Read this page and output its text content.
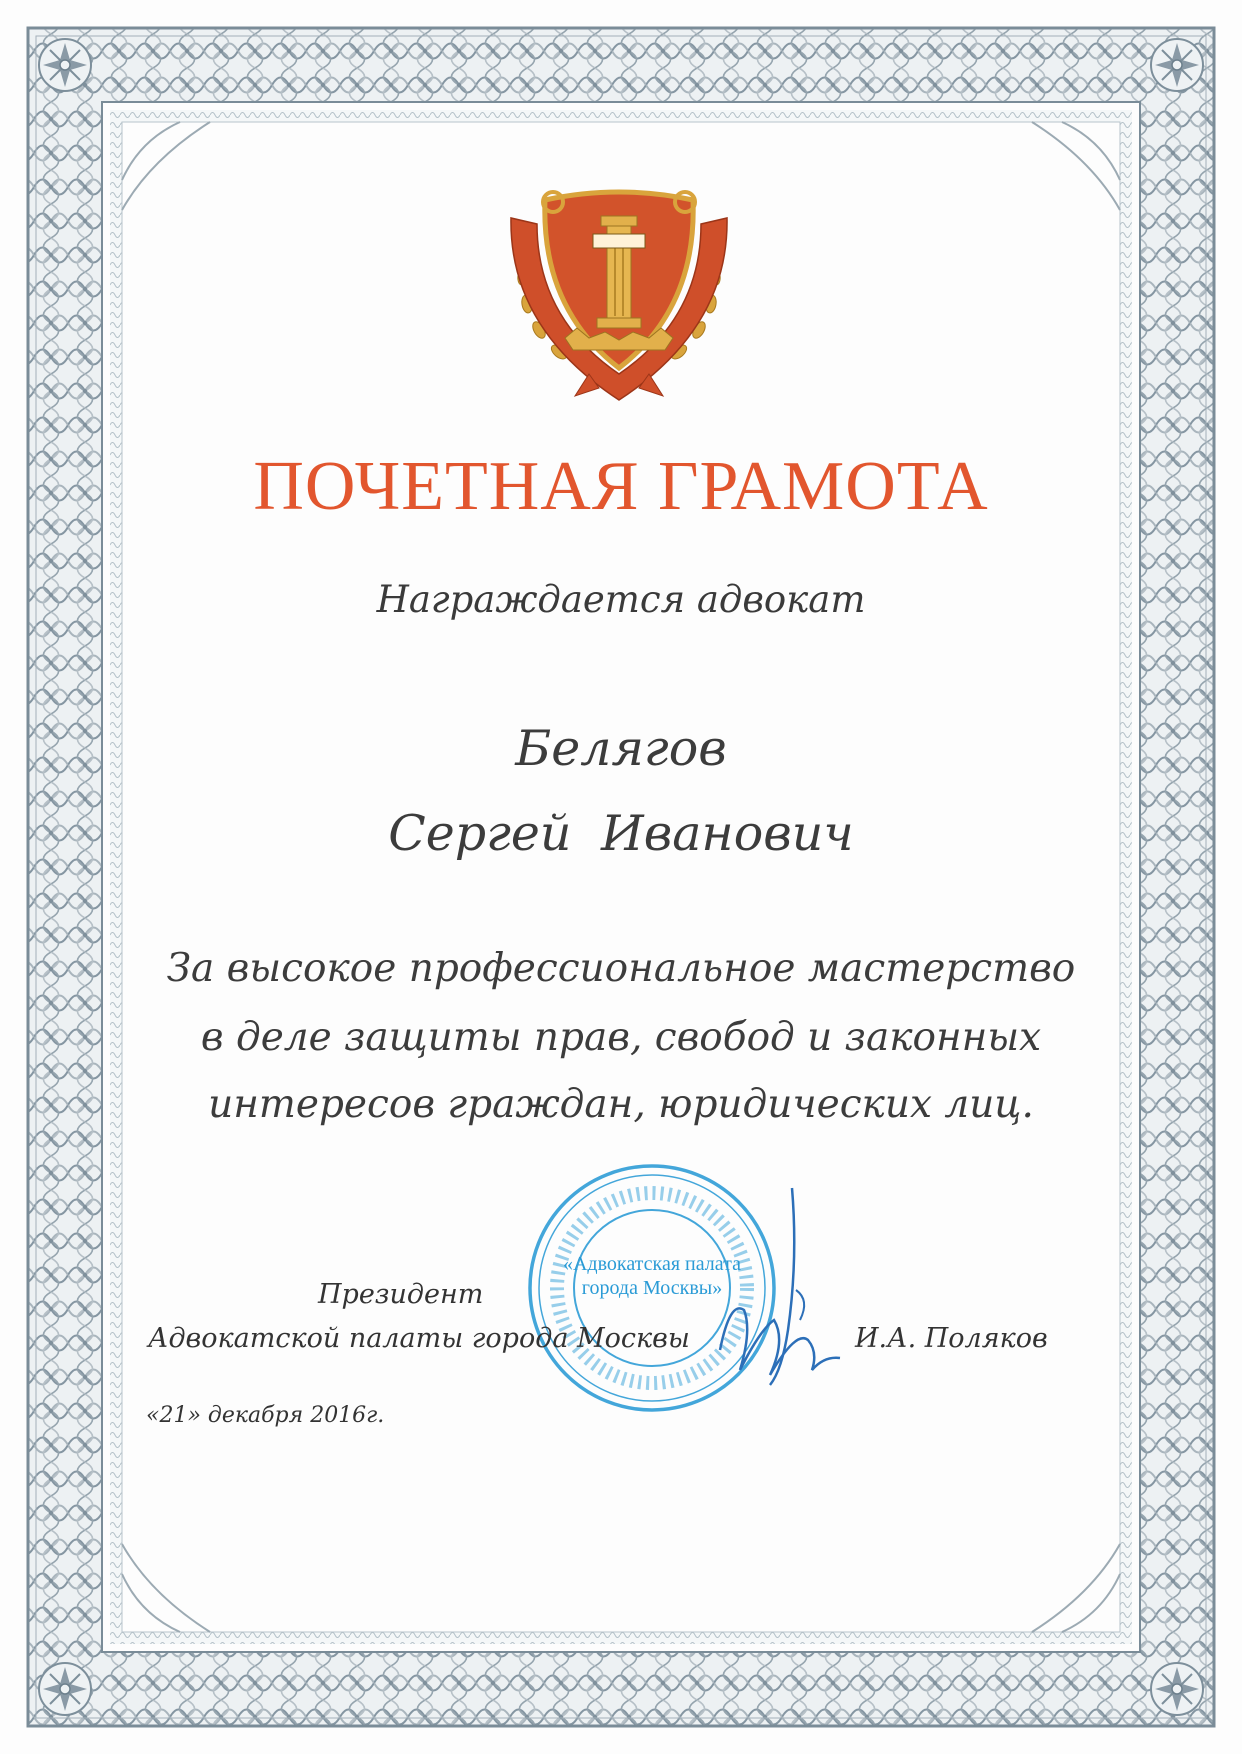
ПОЧЕТНАЯ ГРАМОТА

Награждается адвокат

Белягов

Сергей Иванович

За высокое профессиональное мастерство

в деле защиты прав, свобод и законных

интересов граждан, юридических лиц.

«Адвокатская палата

города Москвы»

Президент

Адвокатской палаты города Москвы	И.А. Поляков

«21» декабря 2016г.
